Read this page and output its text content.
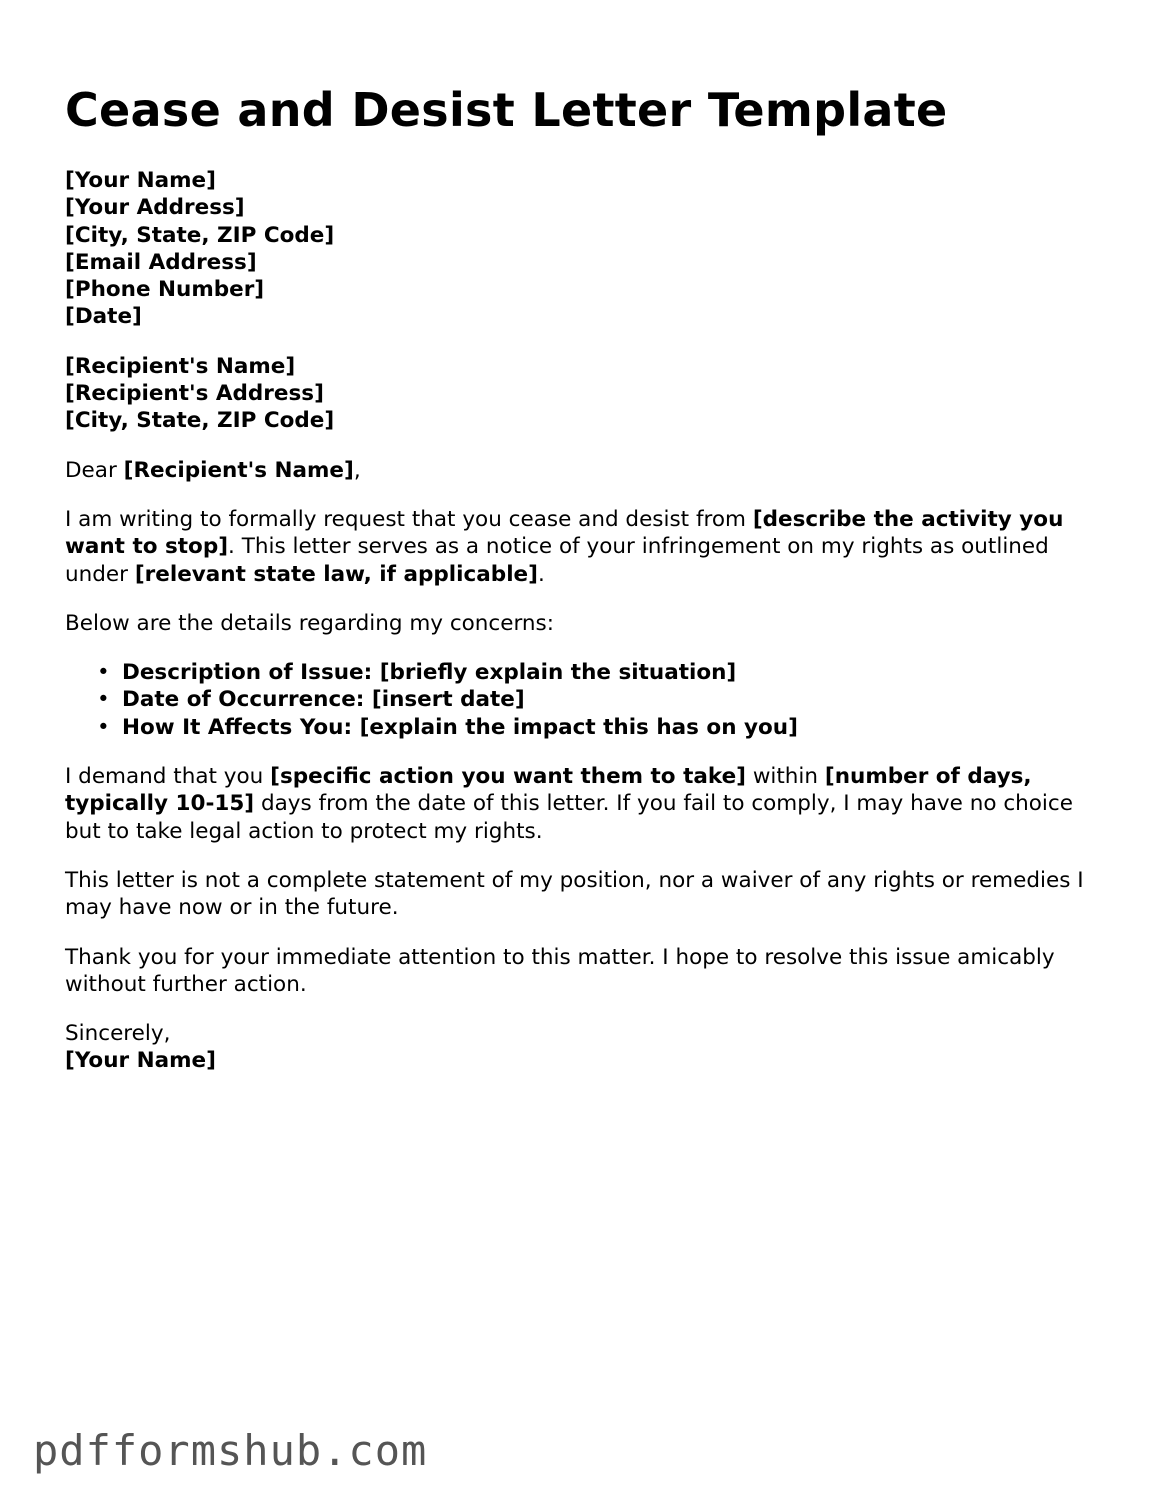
Cease and Desist Letter Template
[Your Name]
[Your Address]
[City, State, ZIP Code]
[Email Address]
[Phone Number]
[Date]
[Recipient's Name]
[Recipient's Address]
[City, State, ZIP Code]

Dear [Recipient's Name],

I am writing to formally request that you cease and desist from [describe the activity you want to stop]. This letter serves as a notice of your infringement on my rights as outlined under [relevant state law, if applicable].

Below are the details regarding my concerns:

• Description of Issue: [briefly explain the situation]
• Date of Occurrence: [insert date]
• How It Affects You: [explain the impact this has on you]

I demand that you [specific action you want them to take] within [number of days, typically 10-15] days from the date of this letter. If you fail to comply, I may have no choice but to take legal action to protect my rights.

This letter is not a complete statement of my position, nor a waiver of any rights or remedies I may have now or in the future.

Thank you for your immediate attention to this matter. I hope to resolve this issue amicably without further action.

Sincerely,
[Your Name]
pdfformshub.com
